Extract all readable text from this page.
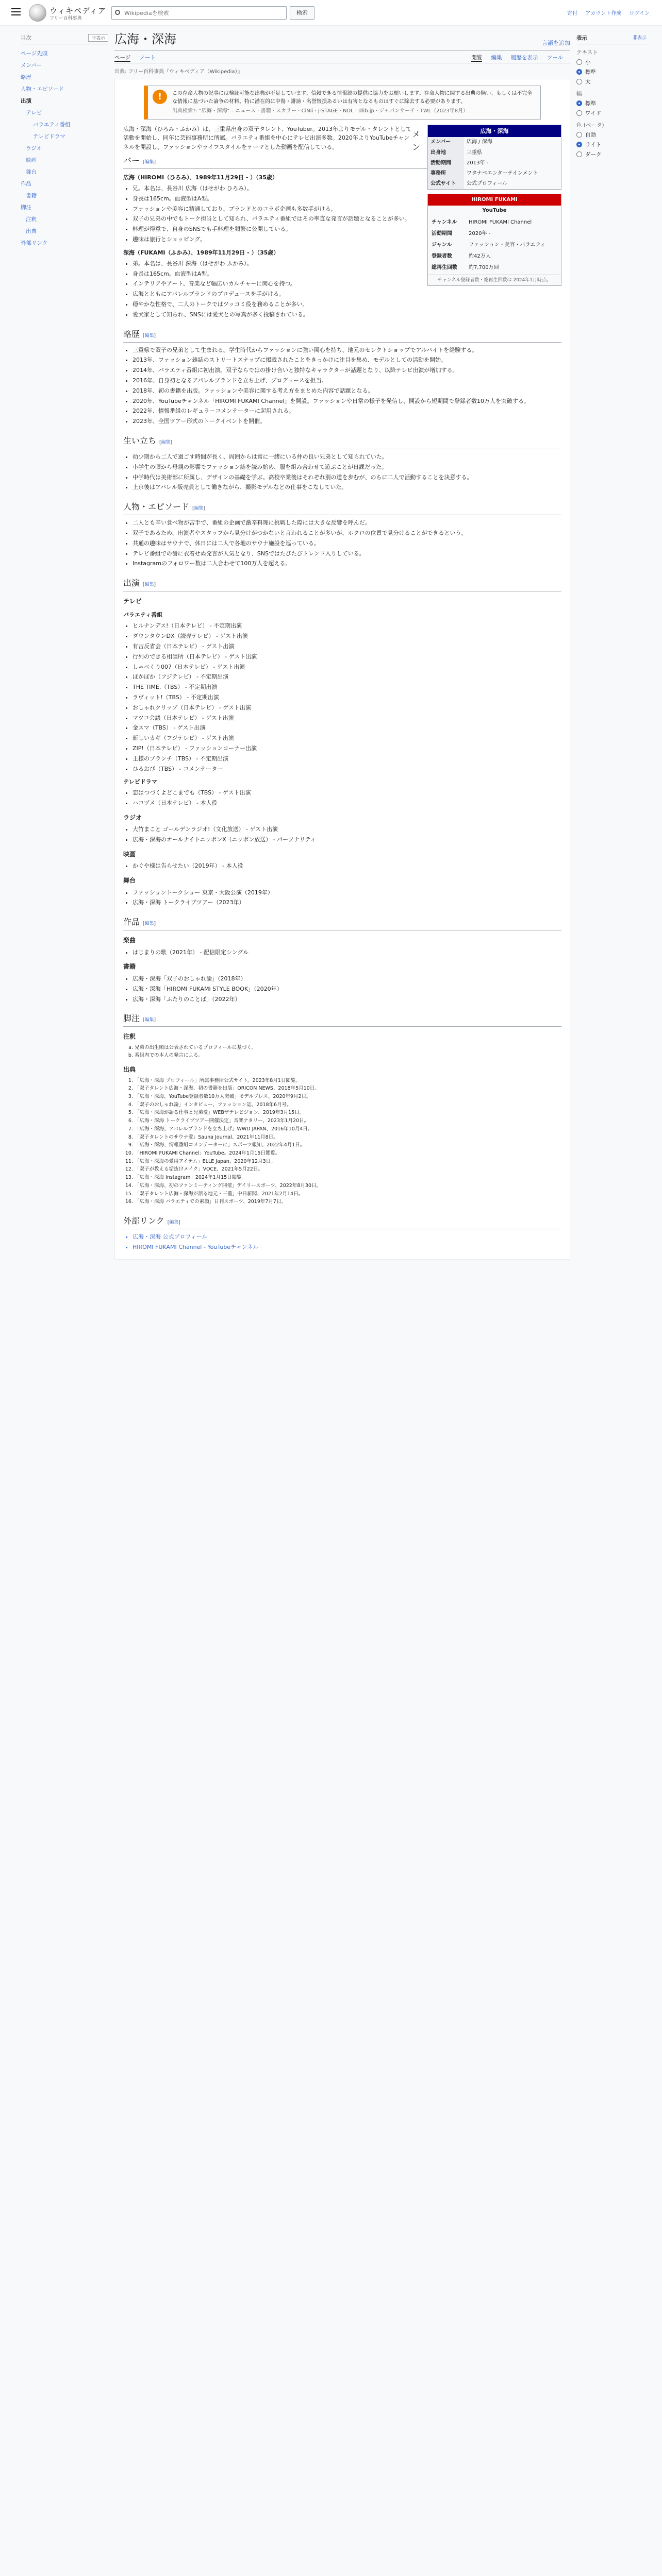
ウィキペディア
フリー百科事典
Wikipediaを検索
検索	寄付 アカウント作成 ログイン
目次	非表示
ページ先頭
メンバー
略歴
人物・エピソード
出演
テレビ
バラエティ番組
テレビドラマ
ラジオ
映画
舞台
作品
書籍
脚注
注釈
出典
外部リンク
表示	非表示
テキスト
小
標準
大
幅
標準
ワイド
色 (ベータ)
自動
ライト
ダーク
広海・深海	言語を追加
ページ ノート	閲覧 編集 履歴を表示 ツール
出典: フリー百科事典『ウィキペディア（Wikipedia）』
!	この存命人物の記事には検証可能な出典が不足しています。信頼できる情報源の提供に協力をお願いします。存命人物に関する出典の無い、もしくは不完全な情報に基づいた論争の材料、特に潜在的に中傷・誹謗・名誉毀損あるいは有害となるものはすぐに除去する必要があります。
出典検索?: "広海・深海" – ニュース · 書籍 · スカラー · CiNii · J-STAGE · NDL · dlib.jp · ジャパンサーチ · TWL（2023年8月）
広海・深海
メンバー	広海 / 深海
出身地	三重県
活動期間	2013年 -
事務所	ワタナベエンターテインメント
公式サイト	公式プロフィール

広海・深海（ひろみ・ふかみ）は、三重県出身の双子タレント、YouTuber。2013年よりモデル・タレントとして活動を開始し、同年に芸能事務所に所属。バラエティ番組を中心にテレビ出演多数。2020年よりYouTubeチャンネルを開設し、ファッションやライフスタイルをテーマとした動画を配信している。

HIROMI FUKAMI
YouTube
チャンネル	HIROMI FUKAMI Channel
活動期間	2020年 -
ジャンル	ファッション・美容・バラエティ
登録者数	約42万人
総再生回数	約7,700万回
チャンネル登録者数・総再生回数は 2024年1月時点。
メンバー [編集]
広海（HIROMI（ひろみ）、1989年11月29日 - ）（35歳）
• 兄。本名は、長谷川 広海（はせがわ ひろみ）。
• 身長は165cm。血液型はA型。
• ファッションや美容に精通しており、ブランドとのコラボ企画も多数手がける。
• 双子の兄弟の中でもトーク担当として知られ、バラエティ番組ではその率直な発言が話題となることが多い。
• 料理が得意で、自身のSNSでも手料理を頻繁に公開している。
• 趣味は旅行とショッピング。
深海（FUKAMI（ふかみ）、1989年11月29日 - ）（35歳）
• 弟。本名は、長谷川 深海（はせがわ ふかみ）。
• 身長は165cm。血液型はA型。
• インテリアやアート、音楽など幅広いカルチャーに関心を持つ。
• 広海とともにアパレルブランドのプロデュースを手がける。
• 穏やかな性格で、二人のトークではツッコミ役を務めることが多い。
• 愛犬家として知られ、SNSには愛犬との写真が多く投稿されている。
略歴 [編集]
• 三重県で双子の兄弟として生まれる。学生時代からファッションに強い関心を持ち、地元のセレクトショップでアルバイトを経験する。
• 2013年、ファッション雑誌のストリートスナップに掲載されたことをきっかけに注目を集め、モデルとしての活動を開始。
• 2014年、バラエティ番組に初出演。双子ならではの掛け合いと独特なキャラクターが話題となり、以降テレビ出演が増加する。
• 2016年、自身初となるアパレルブランドを立ち上げ、プロデュースを担当。
• 2018年、初の書籍を出版。ファッションや美容に関する考え方をまとめた内容で話題となる。
• 2020年、YouTubeチャンネル「HIROMI FUKAMI Channel」を開設。ファッションや日常の様子を発信し、開設から短期間で登録者数10万人を突破する。
• 2022年、情報番組のレギュラーコメンテーターに起用される。
• 2023年、全国ツアー形式のトークイベントを開催。
生い立ち [編集]
• 幼少期から二人で過ごす時間が長く、周囲からは常に一緒にいる仲の良い兄弟として知られていた。
• 小学生の頃から母親の影響でファッション誌を読み始め、服を組み合わせて遊ぶことが日課だった。
• 中学時代は美術部に所属し、デザインの基礎を学ぶ。高校卒業後はそれぞれ別の道を歩むが、のちに二人で活動することを決意する。
• 上京後はアパレル販売員として働きながら、撮影モデルなどの仕事をこなしていた。
人物・エピソード [編集]
• 二人とも辛い食べ物が苦手で、番組の企画で激辛料理に挑戦した際には大きな反響を呼んだ。
• 双子であるため、出演者やスタッフから見分けがつかないと言われることが多いが、ホクロの位置で見分けることができるという。
• 共通の趣味はサウナで、休日には二人で各地のサウナ施設を巡っている。
• テレビ番組での歯に衣着せぬ発言が人気となり、SNSではたびたびトレンド入りしている。
• Instagramのフォロワー数は二人合わせて100万人を超える。
出演 [編集]
テレビ
バラエティ番組
• ヒルナンデス!（日本テレビ） - 不定期出演
• ダウンタウンDX（読売テレビ） - ゲスト出演
• 有吉反省会（日本テレビ） - ゲスト出演
• 行列のできる相談所（日本テレビ） - ゲスト出演
• しゃべくり007（日本テレビ） - ゲスト出演
• ぽかぽか（フジテレビ） - 不定期出演
• THE TIME,（TBS） - 不定期出演
• ラヴィット!（TBS） - 不定期出演
• おしゃれクリップ（日本テレビ） - ゲスト出演
• マツコ会議（日本テレビ） - ゲスト出演
• 金スマ（TBS） - ゲスト出演
• 新しいカギ（フジテレビ） - ゲスト出演
• ZIP!（日本テレビ） - ファッションコーナー出演
• 王様のブランチ（TBS） - 不定期出演
• ひるおび（TBS） - コメンテーター
テレビドラマ
• 恋はつづくよどこまでも（TBS） - ゲスト出演
• ハコヅメ（日本テレビ） - 本人役
ラジオ
• 大竹まこと ゴールデンラジオ!（文化放送） - ゲスト出演
• 広海・深海のオールナイトニッポンX（ニッポン放送） - パーソナリティ
映画
• かぐや様は告らせたい（2019年） - 本人役
舞台
• ファッショントークショー 東京・大阪公演（2019年）
• 広海・深海 トークライブツアー（2023年）
作品 [編集]
楽曲
• はじまりの歌（2021年） - 配信限定シングル
書籍
• 広海・深海「双子のおしゃれ論」（2018年）
• 広海・深海「HIROMI FUKAMI STYLE BOOK」（2020年）
• 広海・深海「ふたりのことば」（2022年）
脚注 [編集]
注釈
a. 兄弟の出生順は公表されているプロフィールに基づく。
b. 番組内での本人の発言による。
出典
1. 「広海・深海 プロフィール」所属事務所公式サイト。2023年8月1日閲覧。
2. 「双子タレント広海・深海、初の書籍を出版」ORICON NEWS、2018年5月10日。
3. 「広海・深海、YouTube登録者数10万人突破」モデルプレス、2020年9月2日。
4. 「双子のおしゃれ論」インタビュー、ファッション誌、2018年6月号。
5. 「広海・深海が語る仕事と兄弟愛」WEBザテレビジョン、2019年3月15日。
6. 「広海・深海 トークライブツアー開催決定」音楽ナタリー、2023年1月20日。
7. 「広海・深海、アパレルブランドを立ち上げ」WWD JAPAN、2016年10月4日。
8. 「双子タレントのサウナ愛」Sauna Journal、2021年11月8日。
9. 「広海・深海、情報番組コメンテーターに」スポーツ報知、2022年4月1日。
10. 「HIROMI FUKAMI Channel」YouTube。2024年1月15日閲覧。
11. 「広海・深海の愛用アイテム」ELLE Japan、2020年12月3日。
12. 「双子が教える垢抜けメイク」VOCE、2021年5月22日。
13. 「広海・深海 Instagram」2024年1月15日閲覧。
14. 「広海・深海、初のファンミーティング開催」デイリースポーツ、2022年8月30日。
15. 「双子タレント広海・深海が語る地元・三重」中日新聞、2021年2月14日。
16. 「広海・深海 バラエティでの素顔」日刊スポーツ、2019年7月7日。
外部リンク [編集]
• 広海・深海 公式プロフィール
• HIROMI FUKAMI Channel - YouTubeチャンネル
